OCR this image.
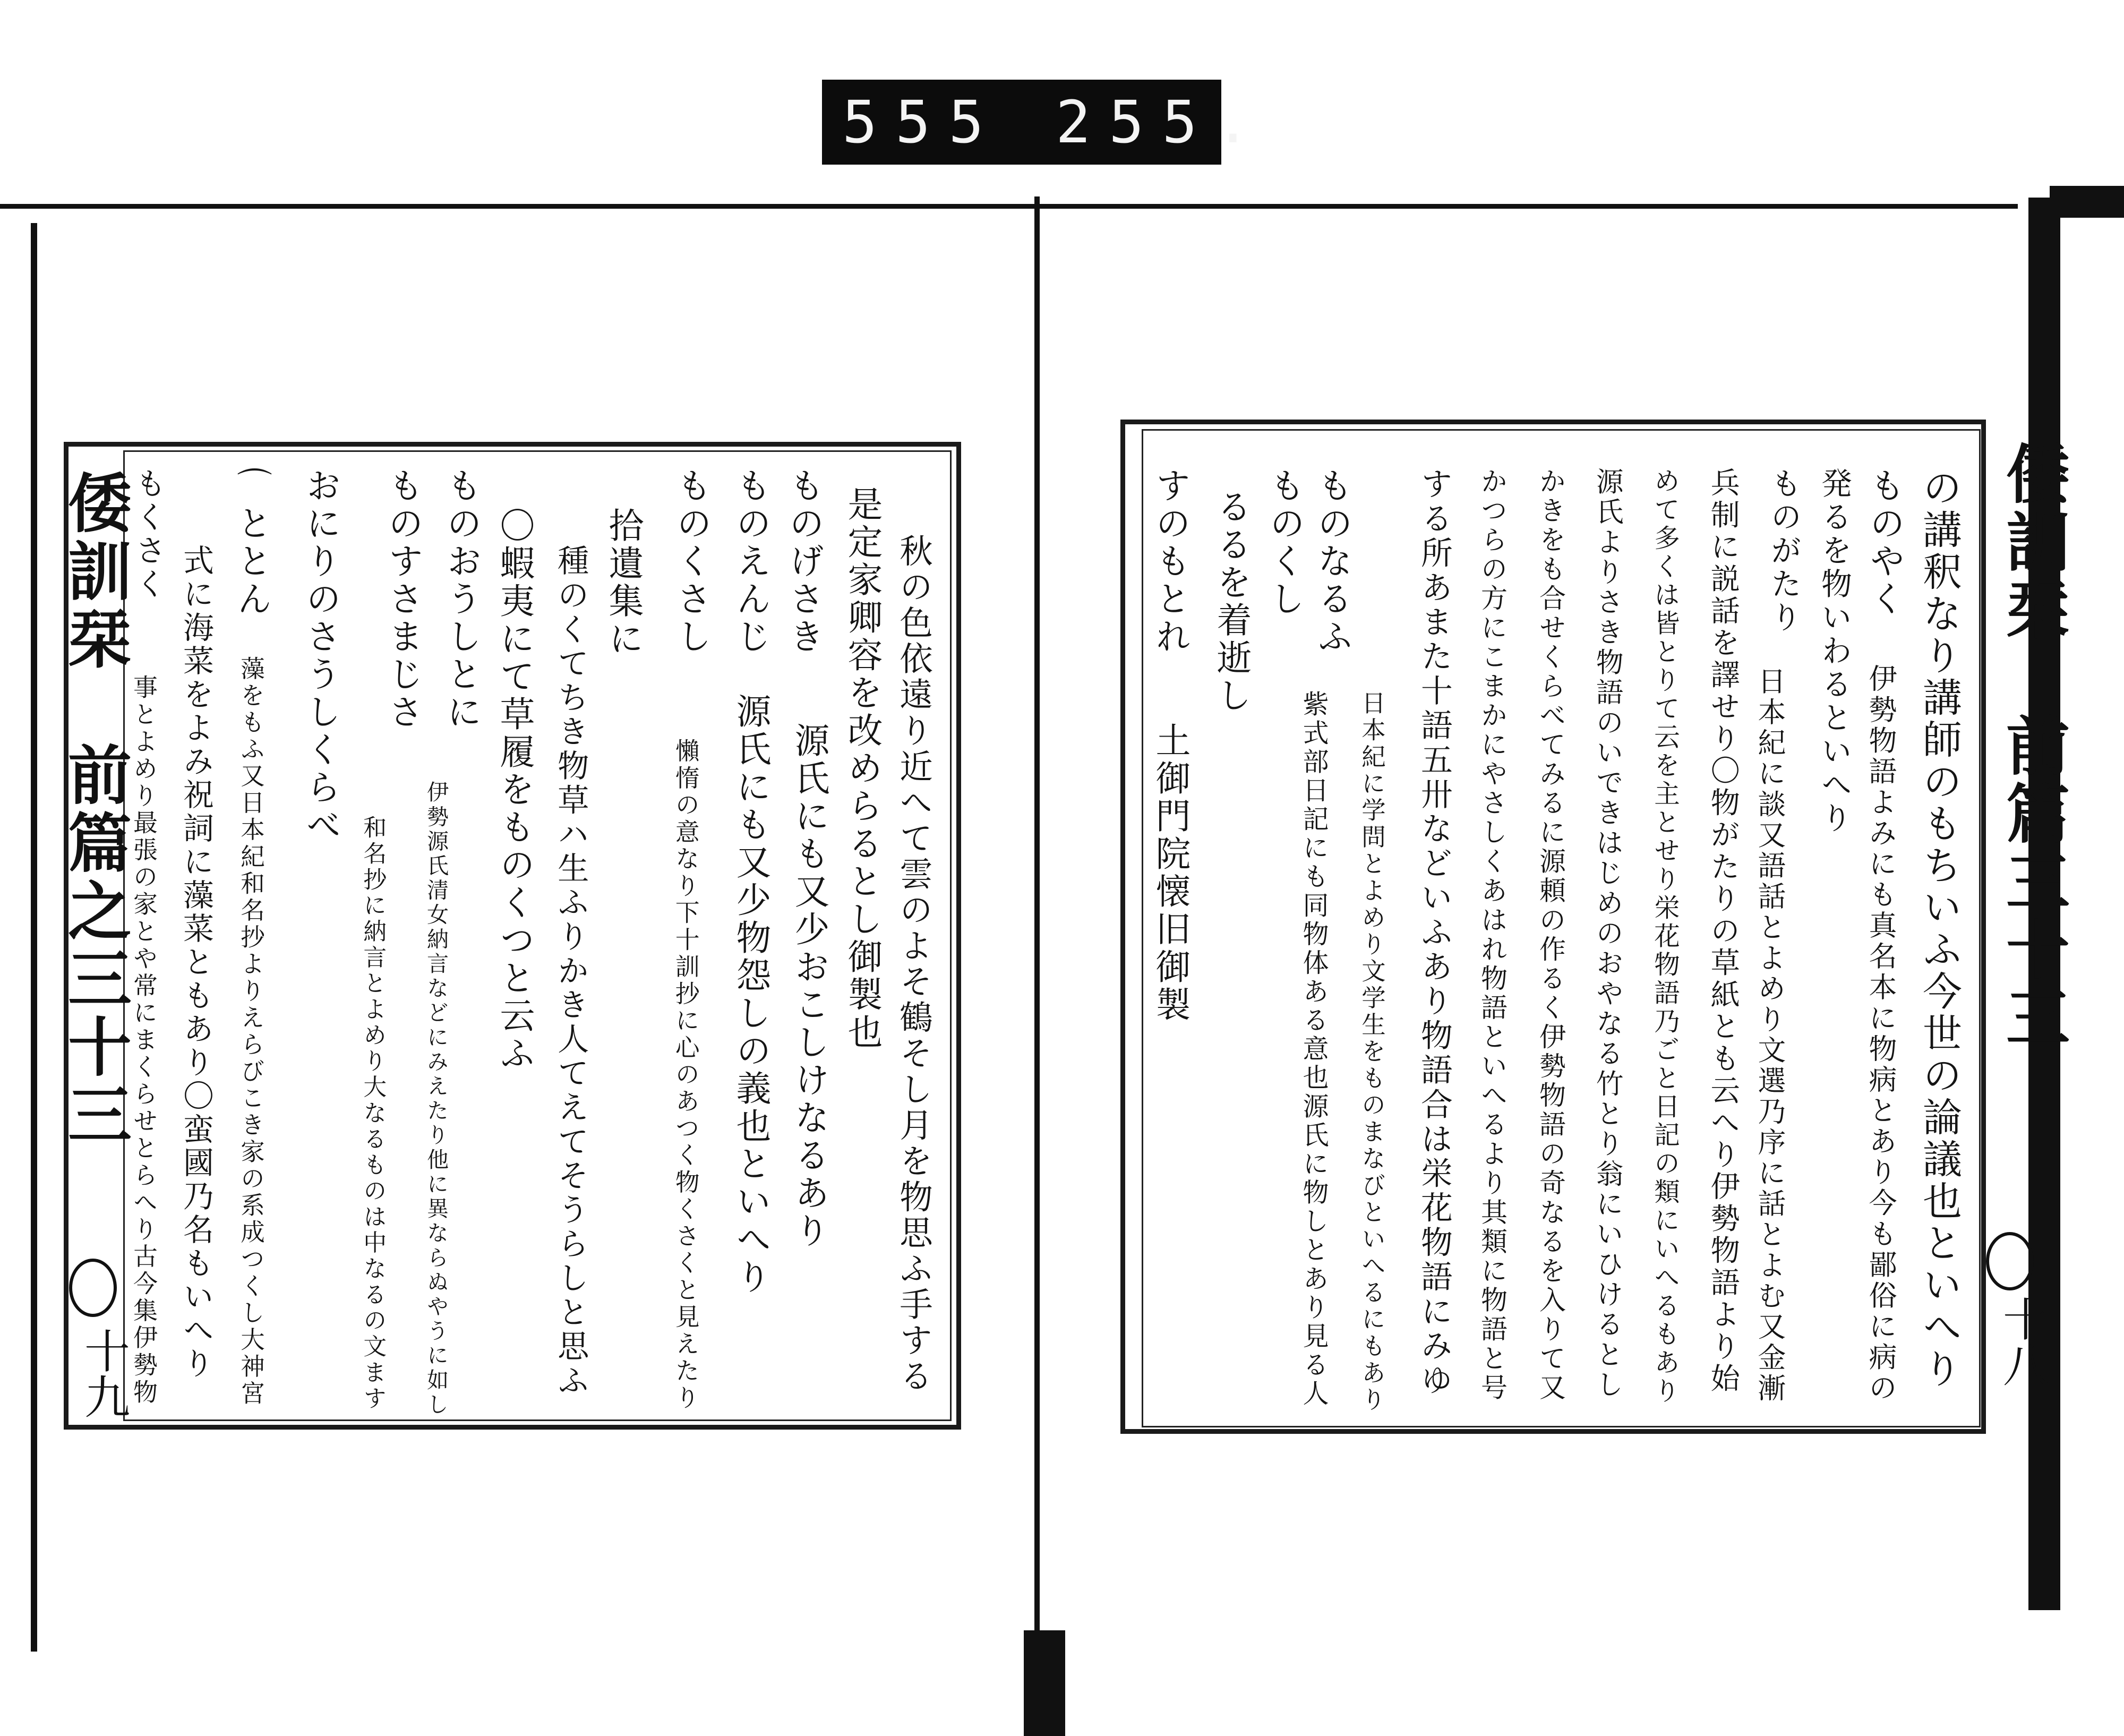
555 255.
倭訓栞　前篇之三十三
十九	秋の色依遠り近へて雲のよそ鶴そし月を物思ふ手する
是定家卿容を改めらるとし御製也
ものげさき
源氏にも又少おこしけなるあり
ものえんじ
源氏にも又少物怨しの義也といへり
ものくさし
懶惰の意なり下十訓抄に心のあつく物くさくと見えたり
拾遺集に
種のくてちき物草ハ生ふりかき人てえてそうらしと思ふ
〇蝦夷にて草履をものくつと云ふ
ものおうしとに
伊勢源氏清女納言などにみえたり他に異ならぬやうに如し
ものすさまじさ
和名抄に納言とよめり大なるものは中なるの文ます
おにりのさうしくらべ
⌒ととん
藻をもふ又日本紀和名抄よりえらびこき家の系成つくし大神宮
式に海菜をよみ祝詞に藻菜ともあり〇蛮國乃名もいへり
事とよめり最張の家とや常にまくらせとらへり古今集伊勢物
もくさく	倭訓栞　前篇三十三
十八
の講釈なり講師のもちいふ今世の論議也といへり
ものやく
伊勢物語よみにも真名本に物病とあり今も鄙俗に病の
発るを物いわるといへり
ものがたり
日本紀に談又語話とよめり文選乃序に話とよむ又金漸
兵制に説話を譯せり〇物がたりの草紙とも云へり伊勢物語より始
めて多くは皆とりて云を主とせり栄花物語乃ごと日記の類にいへるもあり
源氏よりさき物語のいできはじめのおやなる竹とり翁にいひけるとし
かきをも合せくらべてみるに源頼の作るく伊勢物語の奇なるを入りて又
かつらの方にこまかにやさしくあはれ物語といへるより其類に物語と号
する所あまた十語五卅などいふあり物語合は栄花物語にみゆ
日本紀に学問とよめり文学生をものまなびといへるにもあり
紫式部日記にも同物体ある意也源氏に物しとあり見る人
ものなるふ
ものくし
るるを着逝し
すのもとれ
土御門院懐旧御製
